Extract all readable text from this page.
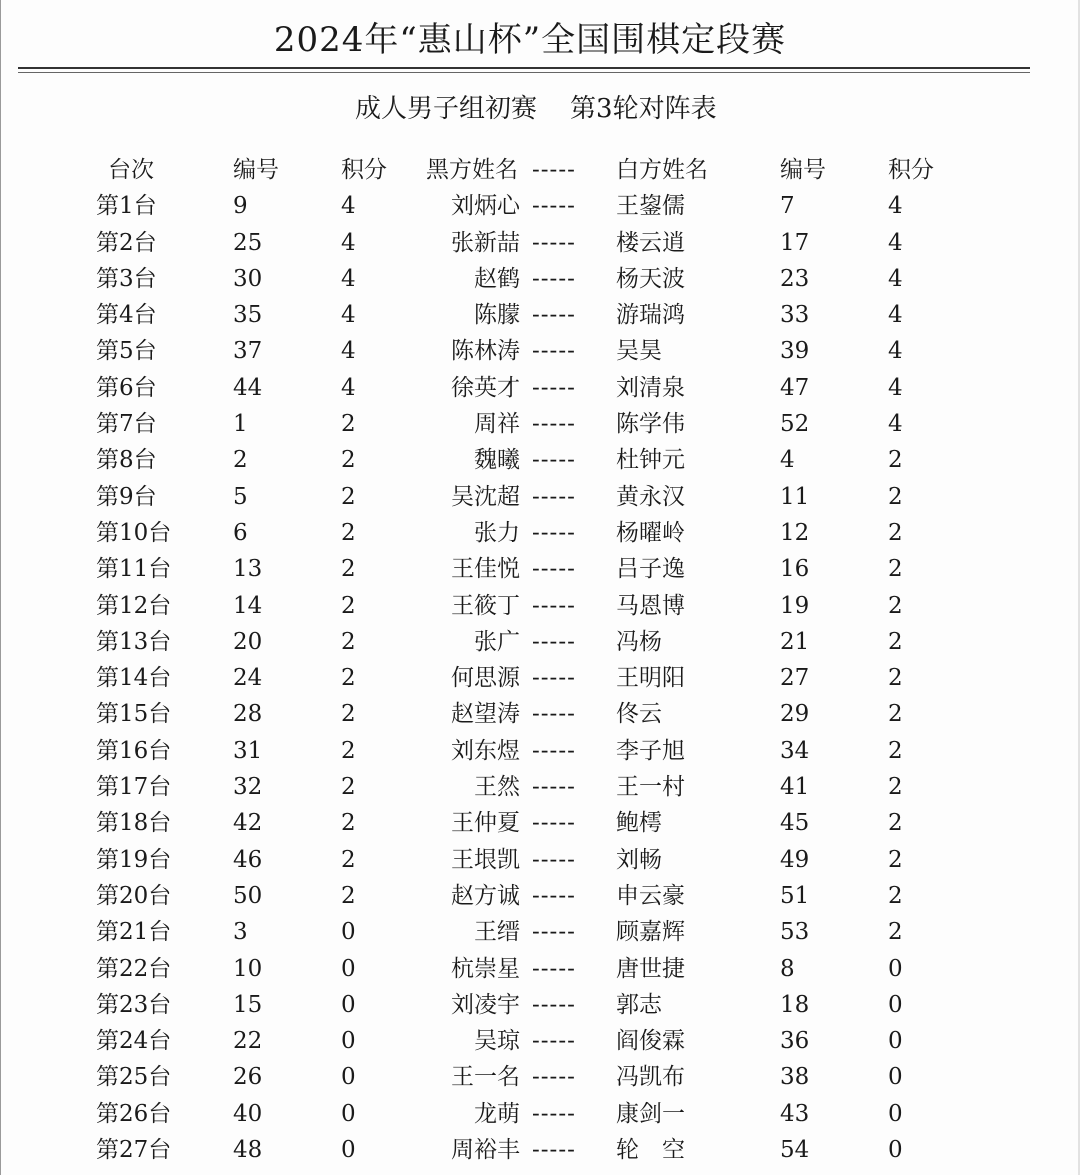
2024年“惠山杯”全国围棋定段赛
成人男子组初赛    第3轮对阵表
台次	编号	积分	黑方姓名 ----- 白方姓名	编号	积分
第1台	9	4	刘炳心 ----- 王鋆儒	7	4
第2台	25	4	张新喆 ----- 楼云逍	17	4
第3台	30	4	赵鹤 ----- 杨天波	23	4
第4台	35	4	陈朦 ----- 游瑞鸿	33	4
第5台	37	4	陈林涛 ----- 吴昊	39	4
第6台	44	4	徐英才 ----- 刘清泉	47	4
第7台	1	2	周祥 ----- 陈学伟	52	4
第8台	2	2	魏曦 ----- 杜钟元	4	2
第9台	5	2	吴沈超 ----- 黄永汉	11	2
第10台	6	2	张力 ----- 杨曜岭	12	2
第11台	13	2	王佳悦 ----- 吕子逸	16	2
第12台	14	2	王筱丁 ----- 马恩博	19	2
第13台	20	2	张广 ----- 冯杨	21	2
第14台	24	2	何思源 ----- 王明阳	27	2
第15台	28	2	赵望涛 ----- 佟云	29	2
第16台	31	2	刘东煜 ----- 李子旭	34	2
第17台	32	2	王然 ----- 王一村	41	2
第18台	42	2	王仲夏 ----- 鲍樗	45	2
第19台	46	2	王垠凯 ----- 刘畅	49	2
第20台	50	2	赵方诚 ----- 申云豪	51	2
第21台	3	0	王缙 ----- 顾嘉辉	53	2
第22台	10	0	杭崇星 ----- 唐世捷	8	0
第23台	15	0	刘凌宇 ----- 郭志	18	0
第24台	22	0	吴琼 ----- 阎俊霖	36	0
第25台	26	0	王一名 ----- 冯凯布	38	0
第26台	40	0	龙萌 ----- 康剑一	43	0
第27台	48	0	周裕丰 ----- 轮　空	54	0
